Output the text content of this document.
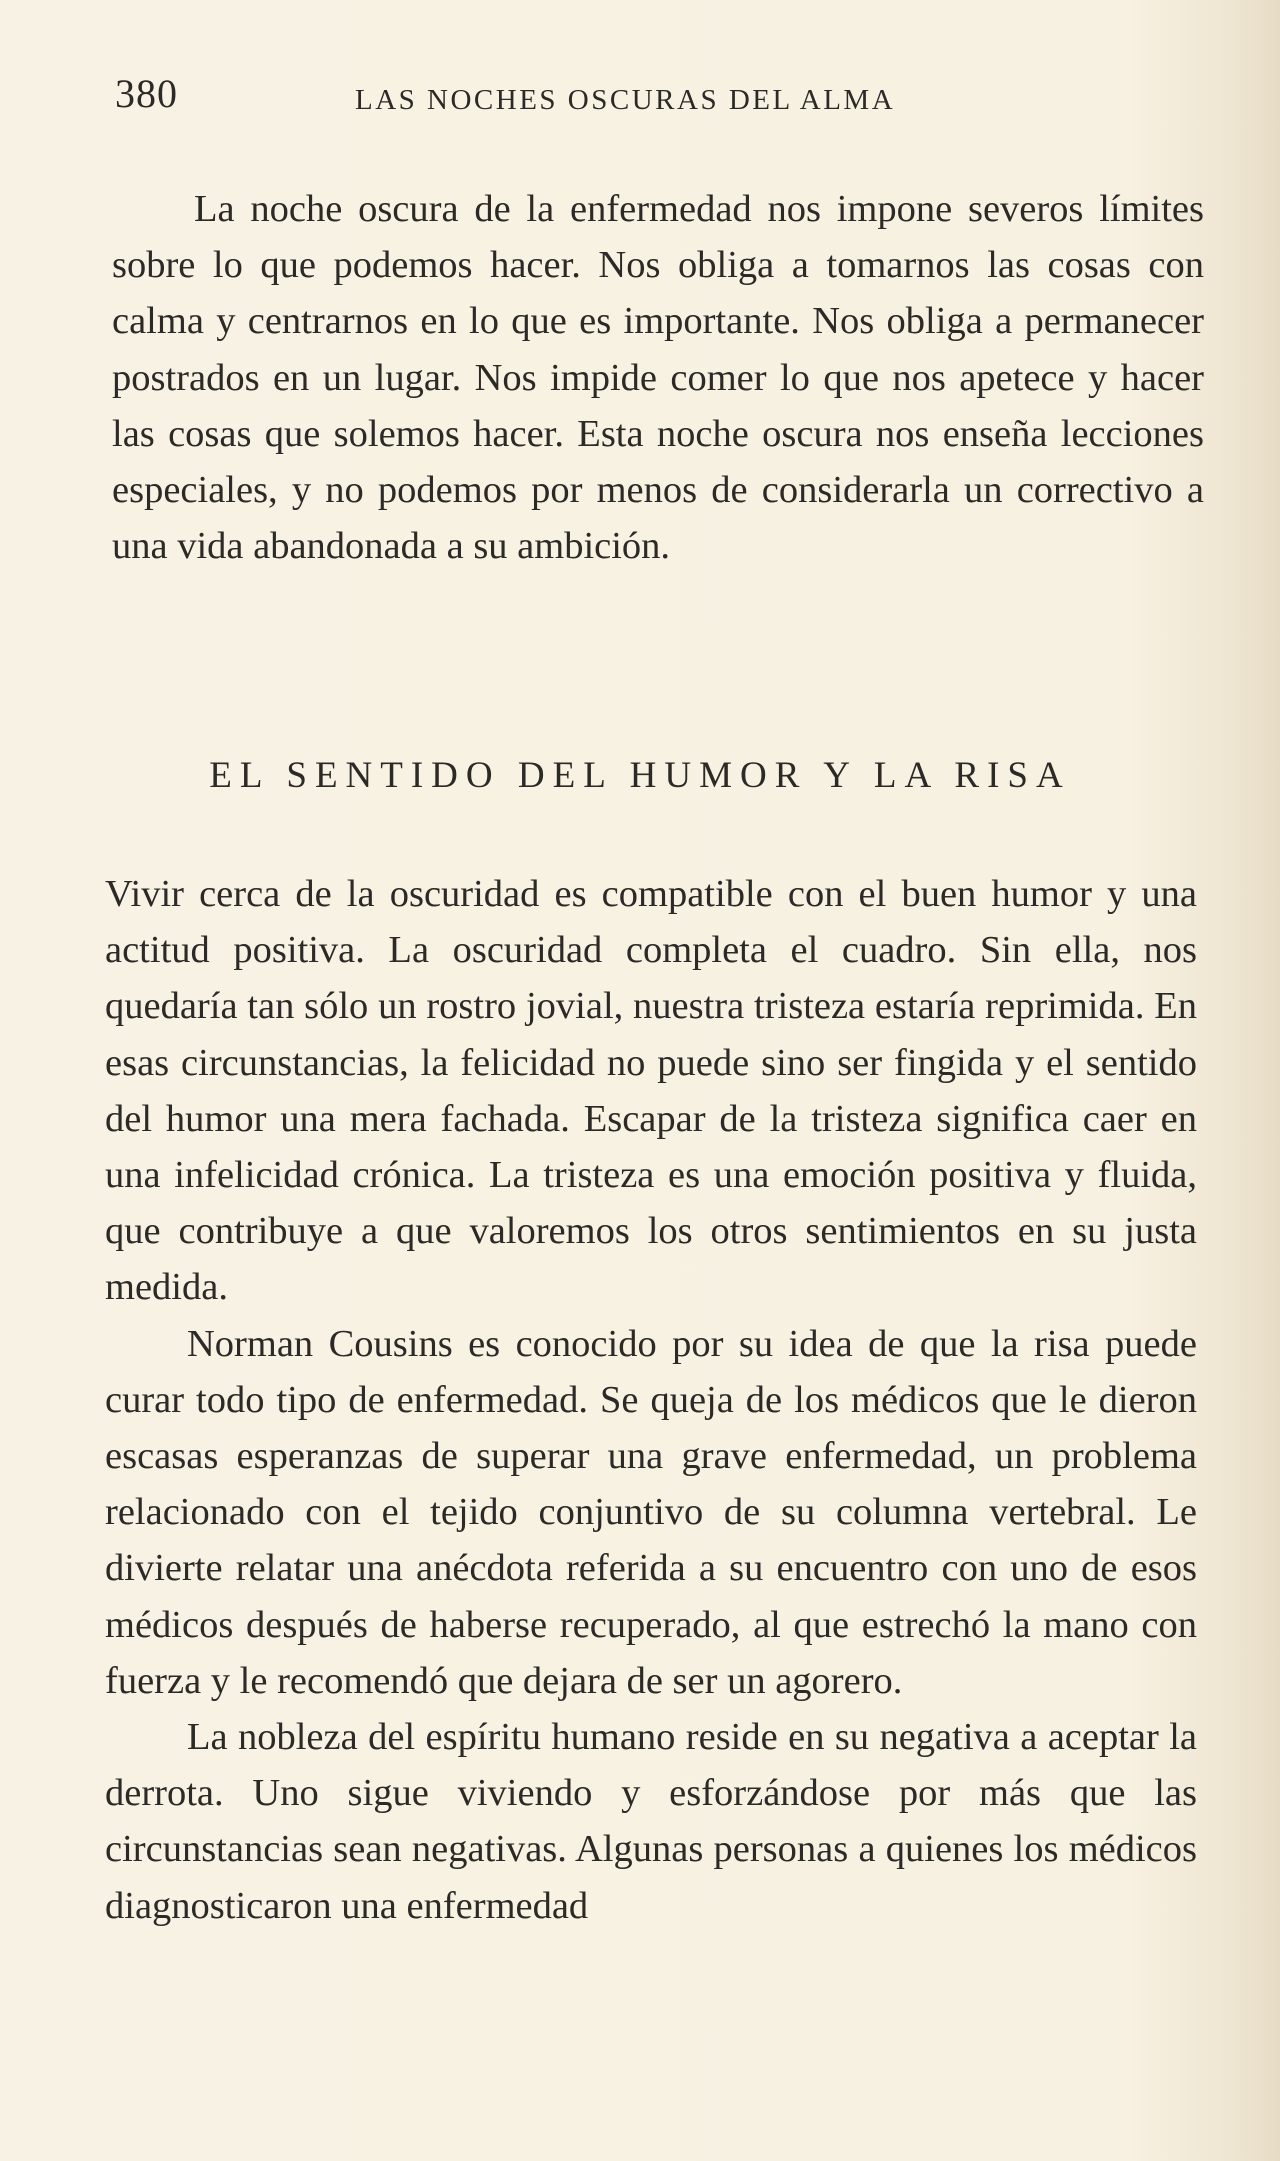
380	LAS NOCHES OSCURAS DEL ALMA

La noche oscura de la enfermedad nos impone severos límites sobre lo que podemos hacer. Nos obliga a tomarnos las cosas con calma y centrarnos en lo que es importante. Nos obliga a permanecer postrados en un lugar. Nos impide comer lo que nos apetece y hacer las cosas que solemos hacer. Esta noche oscura nos enseña lecciones especiales, y no podemos por menos de considerarla un correctivo a una vida abandonada a su ambición.

EL SENTIDO DEL HUMOR Y LA RISA

Vivir cerca de la oscuridad es compatible con el buen humor y una actitud positiva. La oscuridad completa el cuadro. Sin ella, nos quedaría tan sólo un rostro jovial, nuestra tristeza estaría reprimida. En esas circunstancias, la felicidad no puede sino ser fingida y el sentido del humor una mera fachada. Escapar de la tristeza significa caer en una infelicidad crónica. La tristeza es una emoción positiva y fluida, que contribuye a que valoremos los otros sentimientos en su justa medida.

Norman Cousins es conocido por su idea de que la risa puede curar todo tipo de enfermedad. Se queja de los médicos que le dieron escasas esperanzas de superar una grave enfermedad, un problema relacionado con el tejido conjuntivo de su columna vertebral. Le divierte relatar una anécdota referida a su encuentro con uno de esos médicos después de haberse recuperado, al que estrechó la mano con fuerza y le recomendó que dejara de ser un agorero.

La nobleza del espíritu humano reside en su negativa a aceptar la derrota. Uno sigue viviendo y esforzándose por más que las circunstancias sean negativas. Algunas personas a quienes los médicos diagnosticaron una enfermedad
